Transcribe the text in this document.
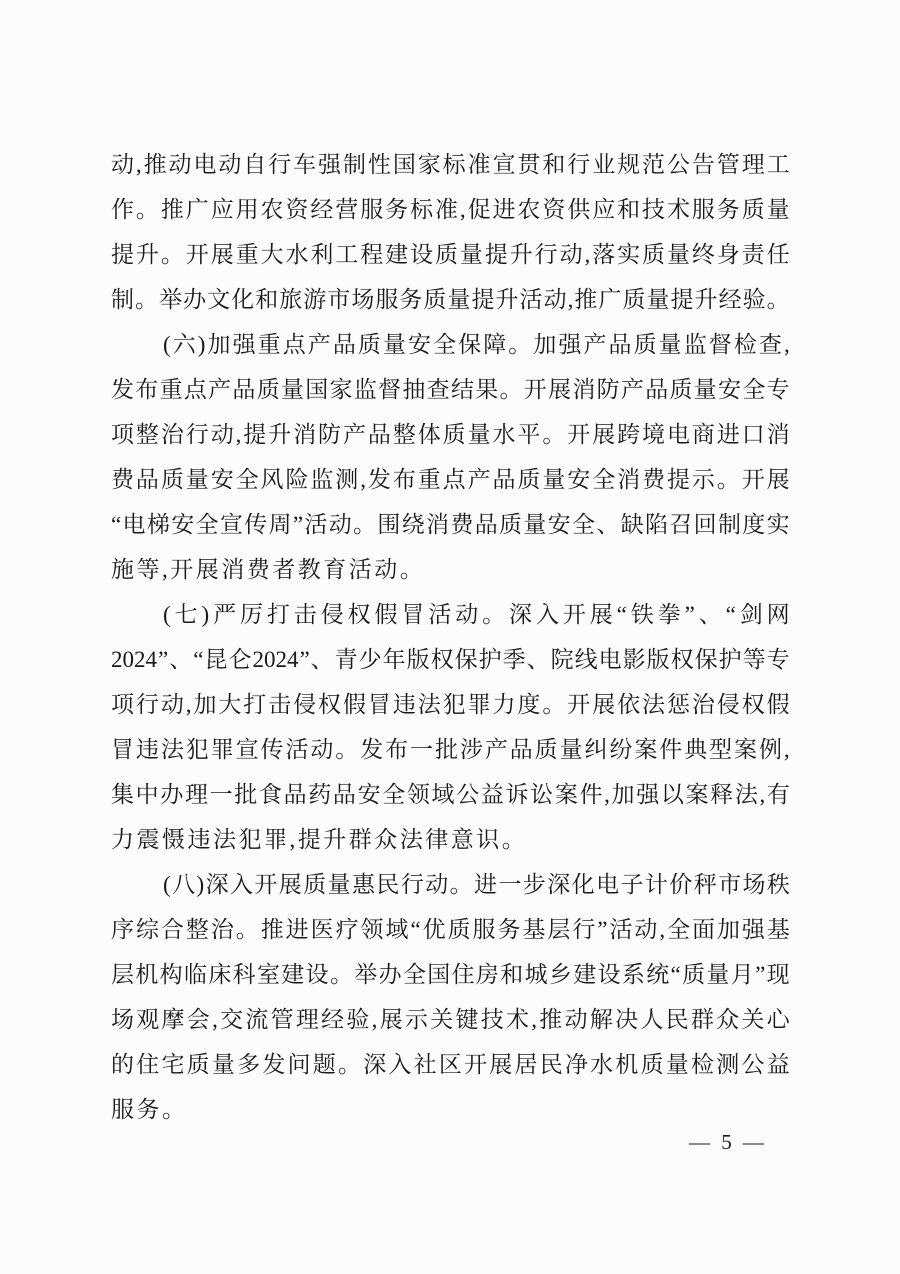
动 , 推 动 电 动 自 行 车 强 制 性 国 家 标 准 宣 贯 和 行 业 规 范 公 告 管 理 工
作 。 推 广 应 用 农 资 经 营 服 务 标 准 , 促 进 农 资 供 应 和 技 术 服 务 质 量
提 升 。 开 展 重 大 水 利 工 程 建 设 质 量 提 升 行 动 , 落 实 质 量 终 身 责 任
制 。 举 办 文 化 和 旅 游 市 场 服 务 质 量 提 升 活 动 , 推 广 质 量 提 升 经 验 。
( 六 ) 加 强 重 点 产 品 质 量 安 全 保 障 。 加 强 产 品 质 量 监 督 检 查 ,
发 布 重 点 产 品 质 量 国 家 监 督 抽 查 结 果 。 开 展 消 防 产 品 质 量 安 全 专
项 整 治 行 动 , 提 升 消 防 产 品 整 体 质 量 水 平 。 开 展 跨 境 电 商 进 口 消
费 品 质 量 安 全 风 险 监 测 , 发 布 重 点 产 品 质 量 安 全 消 费 提 示 。 开 展
“ 电 梯 安 全 宣 传 周 ” 活 动 。 围 绕 消 费 品 质 量 安 全 、 缺 陷 召 回 制 度 实
施等,开展消费者教育活动。
( 七 ) 严 厉 打 击 侵 权 假 冒 活 动 。 深 入 开 展 “ 铁 拳 ” 、 “ 剑 网
2024 ” 、 “ 昆 仑 2024 ” 、 青 少 年 版 权 保 护 季 、 院 线 电 影 版 权 保 护 等 专
项 行 动 , 加 大 打 击 侵 权 假 冒 违 法 犯 罪 力 度 。 开 展 依 法 惩 治 侵 权 假
冒 违 法 犯 罪 宣 传 活 动 。 发 布 一 批 涉 产 品 质 量 纠 纷 案 件 典 型 案 例 ,
集 中 办 理 一 批 食 品 药 品 安 全 领 域 公 益 诉 讼 案 件 , 加 强 以 案 释 法 , 有
力震慑违法犯罪,提升群众法律意识。
( 八 ) 深 入 开 展 质 量 惠 民 行 动 。 进 一 步 深 化 电 子 计 价 秤 市 场 秩
序 综 合 整 治 。 推 进 医 疗 领 域 “ 优 质 服 务 基 层 行 ” 活 动 , 全 面 加 强 基
层 机 构 临 床 科 室 建 设 。 举 办 全 国 住 房 和 城 乡 建 设 系 统 “ 质 量 月 ” 现
场 观 摩 会 , 交 流 管 理 经 验 , 展 示 关 键 技 术 , 推 动 解 决 人 民 群 众 关 心
的 住 宅 质 量 多 发 问 题 。 深 入 社 区 开 展 居 民 净 水 机 质 量 检 测 公 益
服务。
— 5 —
